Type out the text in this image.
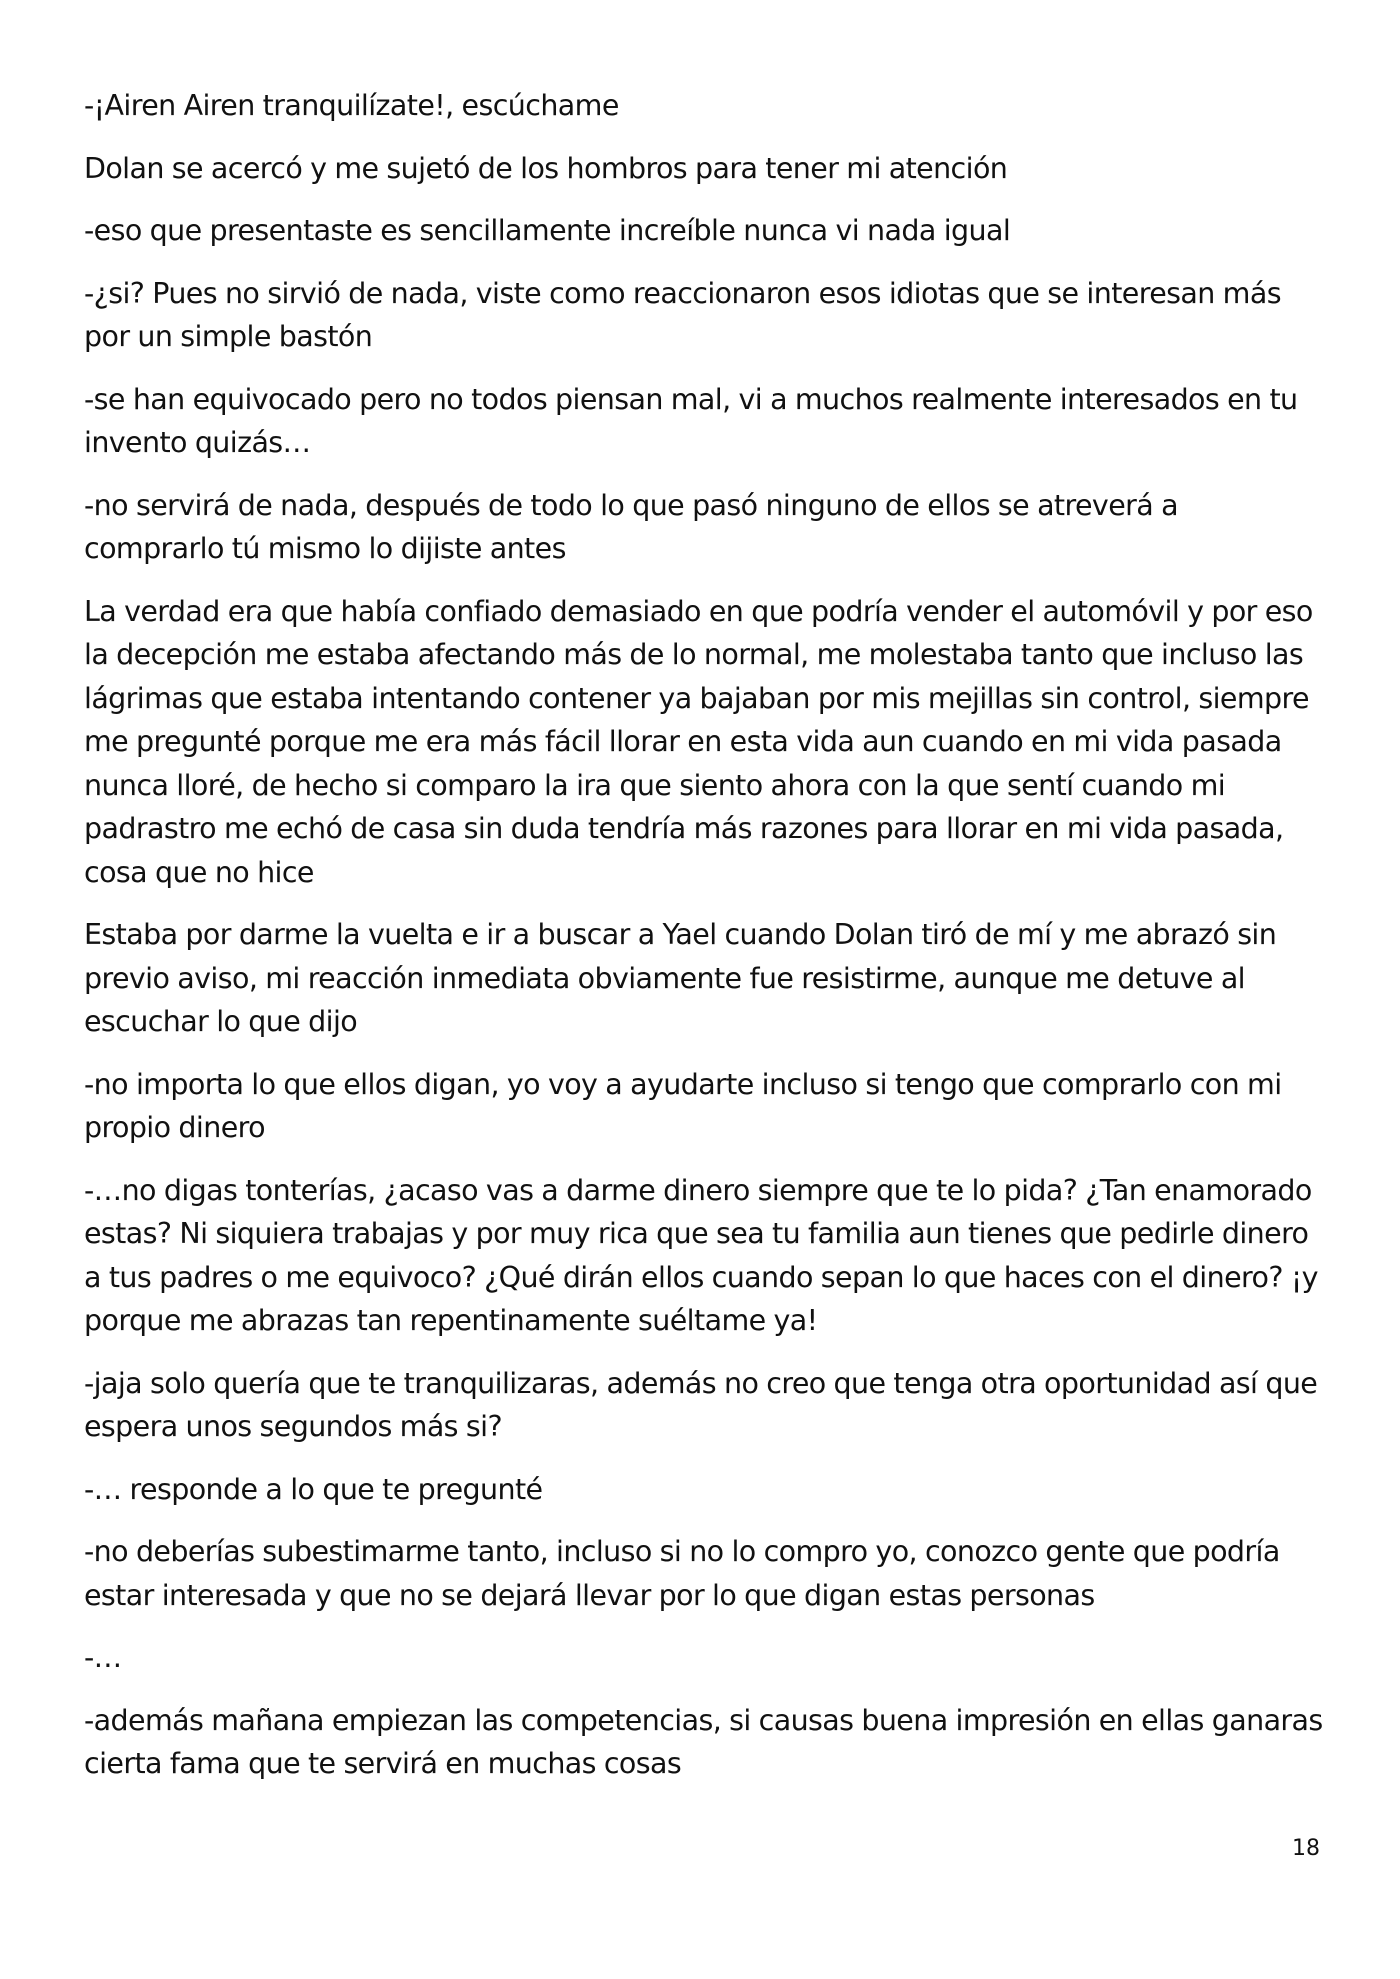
-¡Airen Airen tranquilízate!, escúchame

Dolan se acercó y me sujetó de los hombros para tener mi atención

-eso que presentaste es sencillamente increíble nunca vi nada igual

-¿si? Pues no sirvió de nada, viste como reaccionaron esos idiotas que se interesan más por un simple bastón

-se han equivocado pero no todos piensan mal, vi a muchos realmente interesados en tu invento quizás…

-no servirá de nada, después de todo lo que pasó ninguno de ellos se atreverá a comprarlo tú mismo lo dijiste antes

La verdad era que había confiado demasiado en que podría vender el automóvil y por eso la decepción me estaba afectando más de lo normal, me molestaba tanto que incluso las lágrimas que estaba intentando contener ya bajaban por mis mejillas sin control, siempre me pregunté porque me era más fácil llorar en esta vida aun cuando en mi vida pasada nunca lloré, de hecho si comparo la ira que siento ahora con la que sentí cuando mi padrastro me echó de casa sin duda tendría más razones para llorar en mi vida pasada, cosa que no hice

Estaba por darme la vuelta e ir a buscar a Yael cuando Dolan tiró de mí y me abrazó sin previo aviso, mi reacción inmediata obviamente fue resistirme, aunque me detuve al escuchar lo que dijo

-no importa lo que ellos digan, yo voy a ayudarte incluso si tengo que comprarlo con mi propio dinero

-…no digas tonterías, ¿acaso vas a darme dinero siempre que te lo pida? ¿Tan enamorado estas? Ni siquiera trabajas y por muy rica que sea tu familia aun tienes que pedirle dinero a tus padres o me equivoco? ¿Qué dirán ellos cuando sepan lo que haces con el dinero? ¡y porque me abrazas tan repentinamente suéltame ya!

-jaja solo quería que te tranquilizaras, además no creo que tenga otra oportunidad así que espera unos segundos más si?

-… responde a lo que te pregunté

-no deberías subestimarme tanto, incluso si no lo compro yo, conozco gente que podría estar interesada y que no se dejará llevar por lo que digan estas personas

-…

-además mañana empiezan las competencias, si causas buena impresión en ellas ganaras cierta fama que te servirá en muchas cosas

18
